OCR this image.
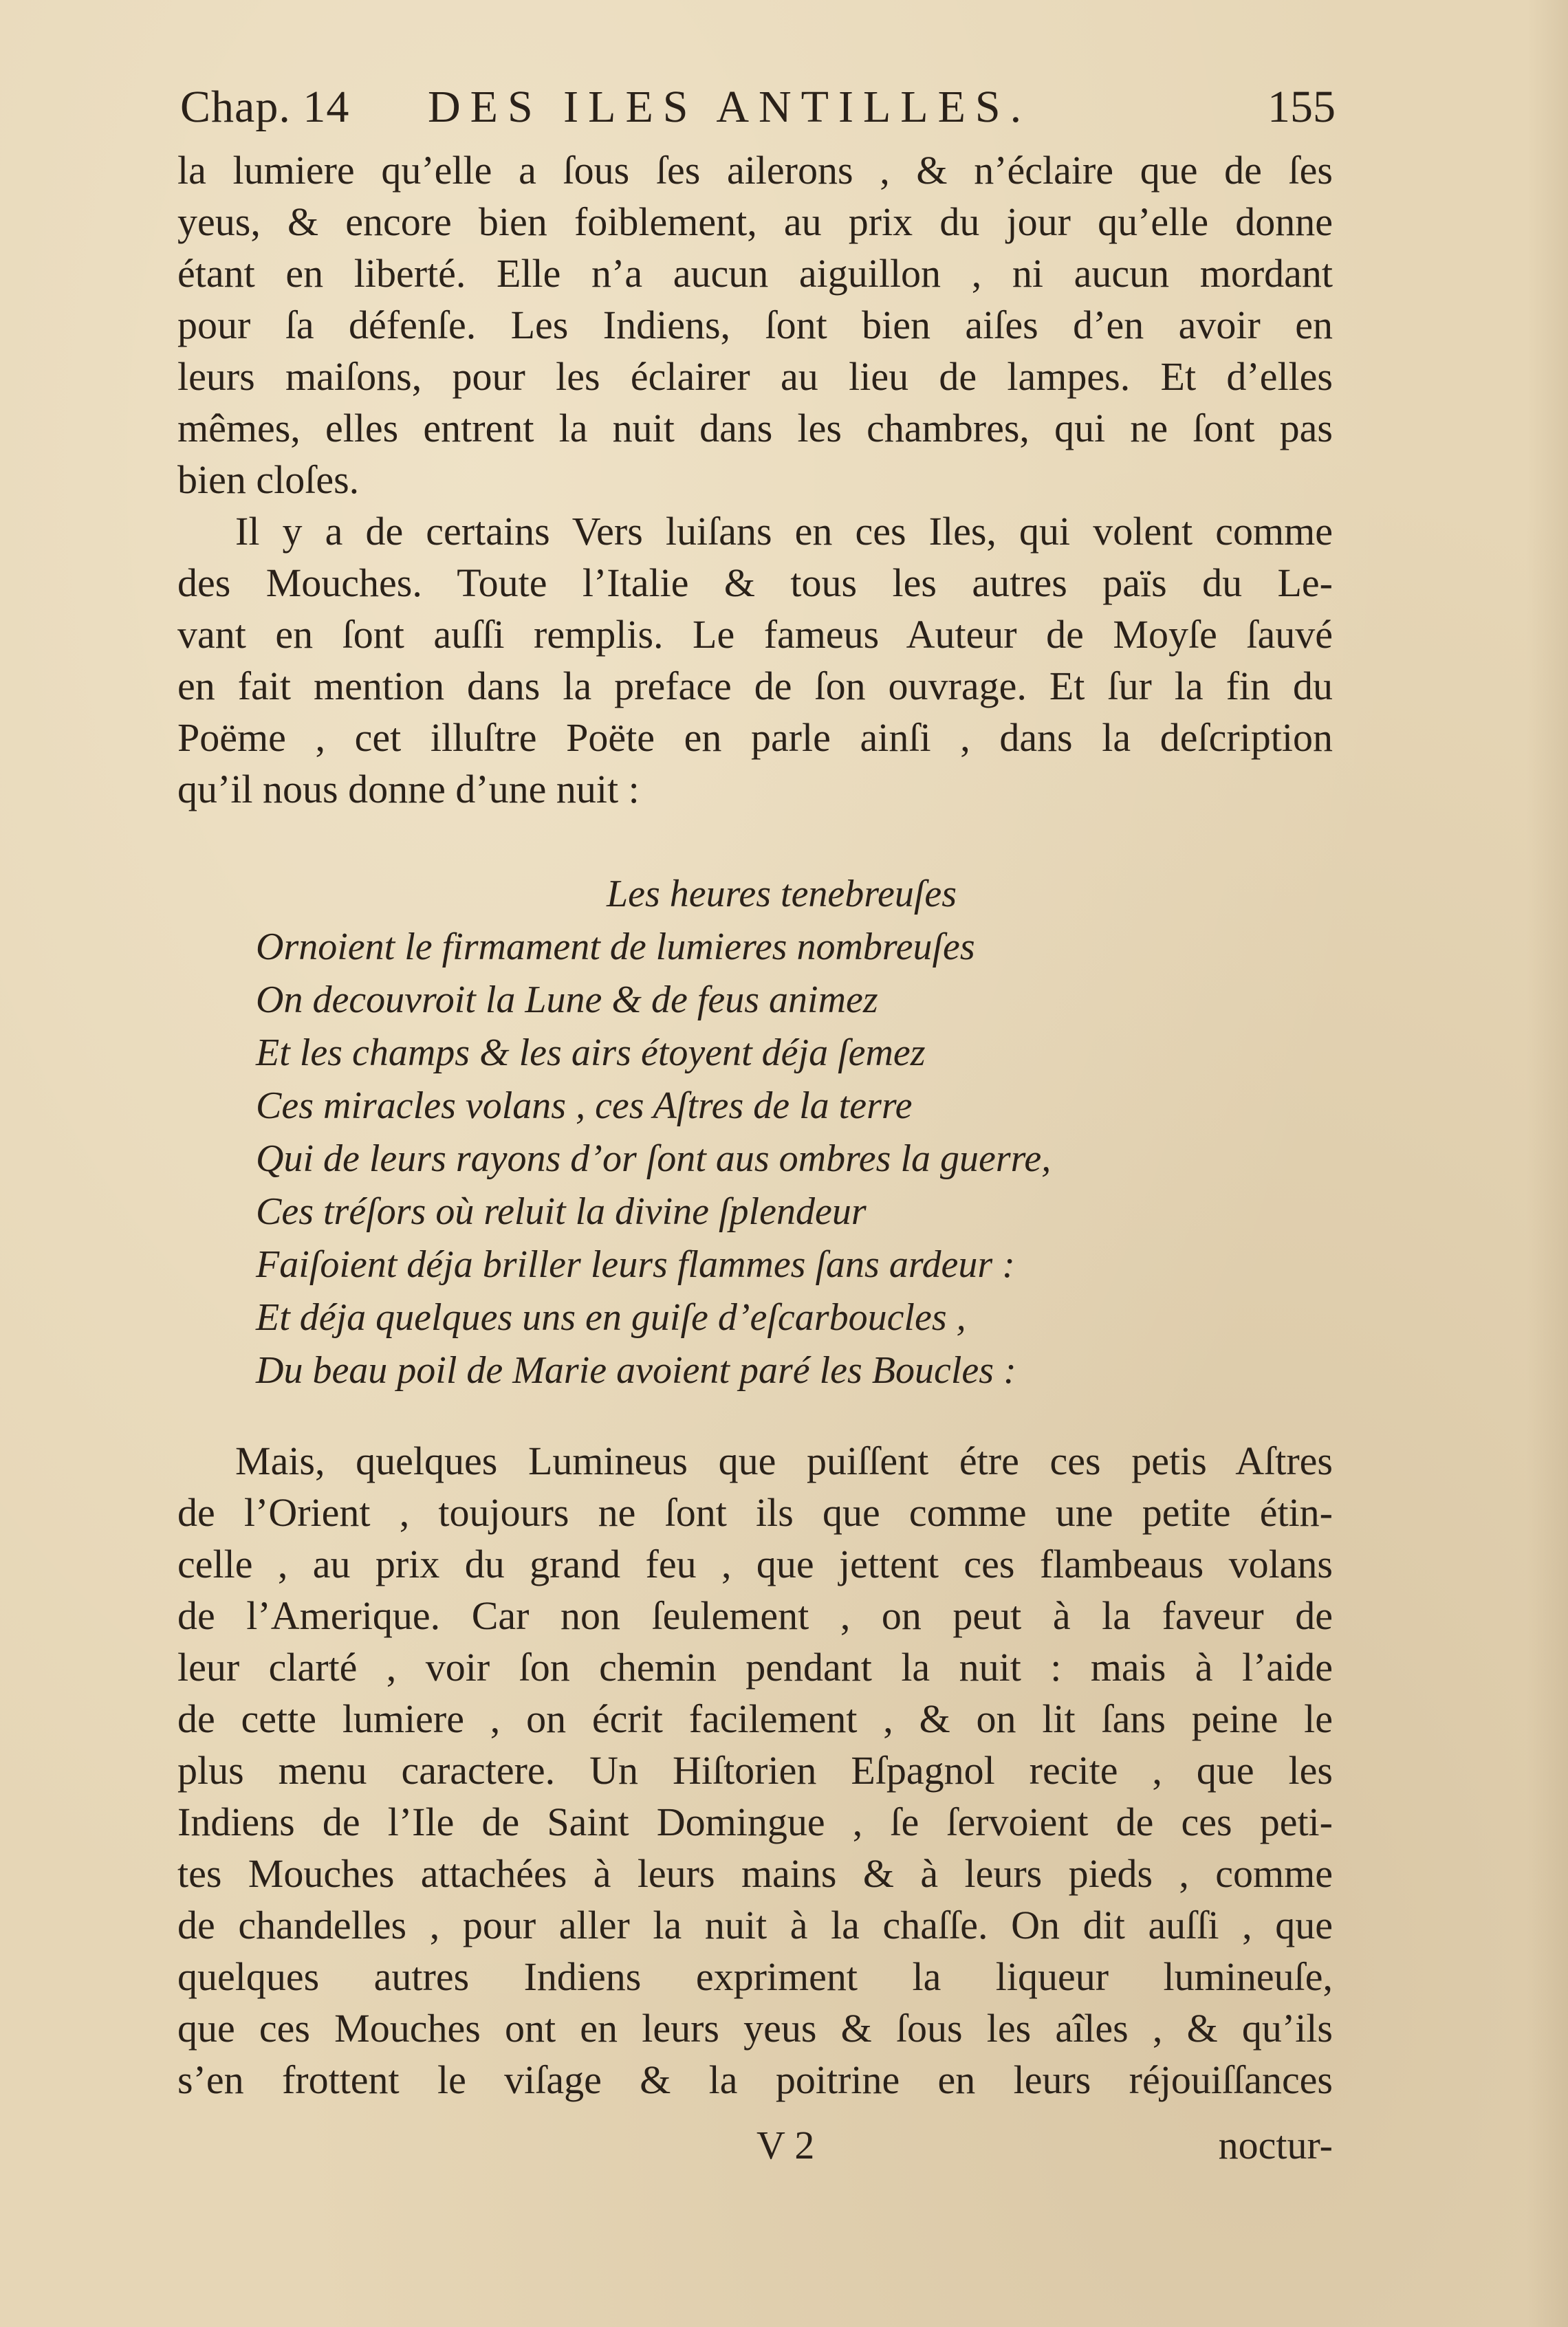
Chap. 14 DES ILES ANTILLES.	155
la lumiere qu’elle a ſous ſes ailerons , & n’éclaire que de ſes
yeus, & encore bien foiblement, au prix du jour qu’elle donne
étant en liberté. Elle n’a aucun aiguillon , ni aucun mordant
pour ſa défenſe. Les Indiens, ſont bien aiſes d’en avoir en
leurs maiſons, pour les éclairer au lieu de lampes. Et d’elles
mêmes, elles entrent la nuit dans les chambres, qui ne ſont pas
bien cloſes.
Il y a de certains Vers luiſans en ces Iles, qui volent comme
des Mouches. Toute l’Italie & tous les autres païs du Le-
vant en ſont auſſi remplis. Le fameus Auteur de Moyſe ſauvé
en fait mention dans la preface de ſon ouvrage. Et ſur la fin du
Poëme , cet illuſtre Poëte en parle ainſi , dans la deſcription
qu’il nous donne d’une nuit :
Les heures tenebreuſes
Ornoient le firmament de lumieres nombreuſes
On decouvroit la Lune & de feus animez
Et les champs & les airs étoyent déja ſemez
Ces miracles volans , ces Aſtres de la terre
Qui de leurs rayons d’or ſont aus ombres la guerre,
Ces tréſors où reluit la divine ſplendeur
Faiſoient déja briller leurs flammes ſans ardeur :
Et déja quelques uns en guiſe d’eſcarboucles ,
Du beau poil de Marie avoient paré les Boucles :
Mais, quelques Lumineus que puiſſent étre ces petis Aſtres
de l’Orient , toujours ne ſont ils que comme une petite étin-
celle , au prix du grand feu , que jettent ces flambeaus volans
de l’Amerique. Car non ſeulement , on peut à la faveur de
leur clarté , voir ſon chemin pendant la nuit : mais à l’aide
de cette lumiere , on écrit facilement , & on lit ſans peine le
plus menu caractere. Un Hiſtorien Eſpagnol recite , que les
Indiens de l’Ile de Saint Domingue , ſe ſervoient de ces peti-
tes Mouches attachées à leurs mains & à leurs pieds , comme
de chandelles , pour aller la nuit à la chaſſe. On dit auſſi , que
quelques autres Indiens expriment la liqueur lumineuſe,
que ces Mouches ont en leurs yeus & ſous les aîles , & qu’ils
s’en frottent le viſage & la poitrine en leurs réjouiſſances
V 2	noctur-
